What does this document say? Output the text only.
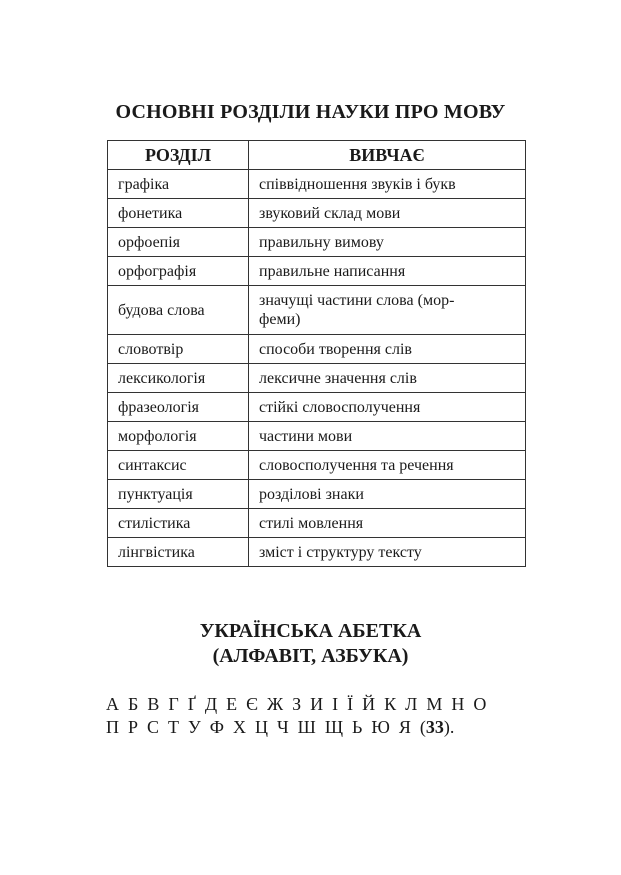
ОСНОВНІ РОЗДІЛИ НАУКИ ПРО МОВУ
РОЗДІЛ	ВИВЧАЄ
графіка	співвідношення звуків і букв
фонетика	звуковий склад мови
орфоепія	правильну вимову
орфографія	правильне написання
будова слова	значущі частини слова (мор-
феми)
словотвір	способи творення слів
лексикологія	лексичне значення слів
фразеологія	стійкі словосполучення
морфологія	частини мови
синтаксис	словосполучення та речення
пунктуація	розділові знаки
стилістика	стилі мовлення
лінгвістика	зміст і структуру тексту
УКРАЇНСЬКА АБЕТКА
(АЛФАВІТ, АЗБУКА)
А  Б  В  Г  Ґ  Д  Е  Є  Ж  З  И  І  Ї  Й  К  Л  М  Н  О
П  Р  С  Т  У  Ф  Х  Ц  Ч  Ш  Щ  Ь  Ю  Я  (33).
